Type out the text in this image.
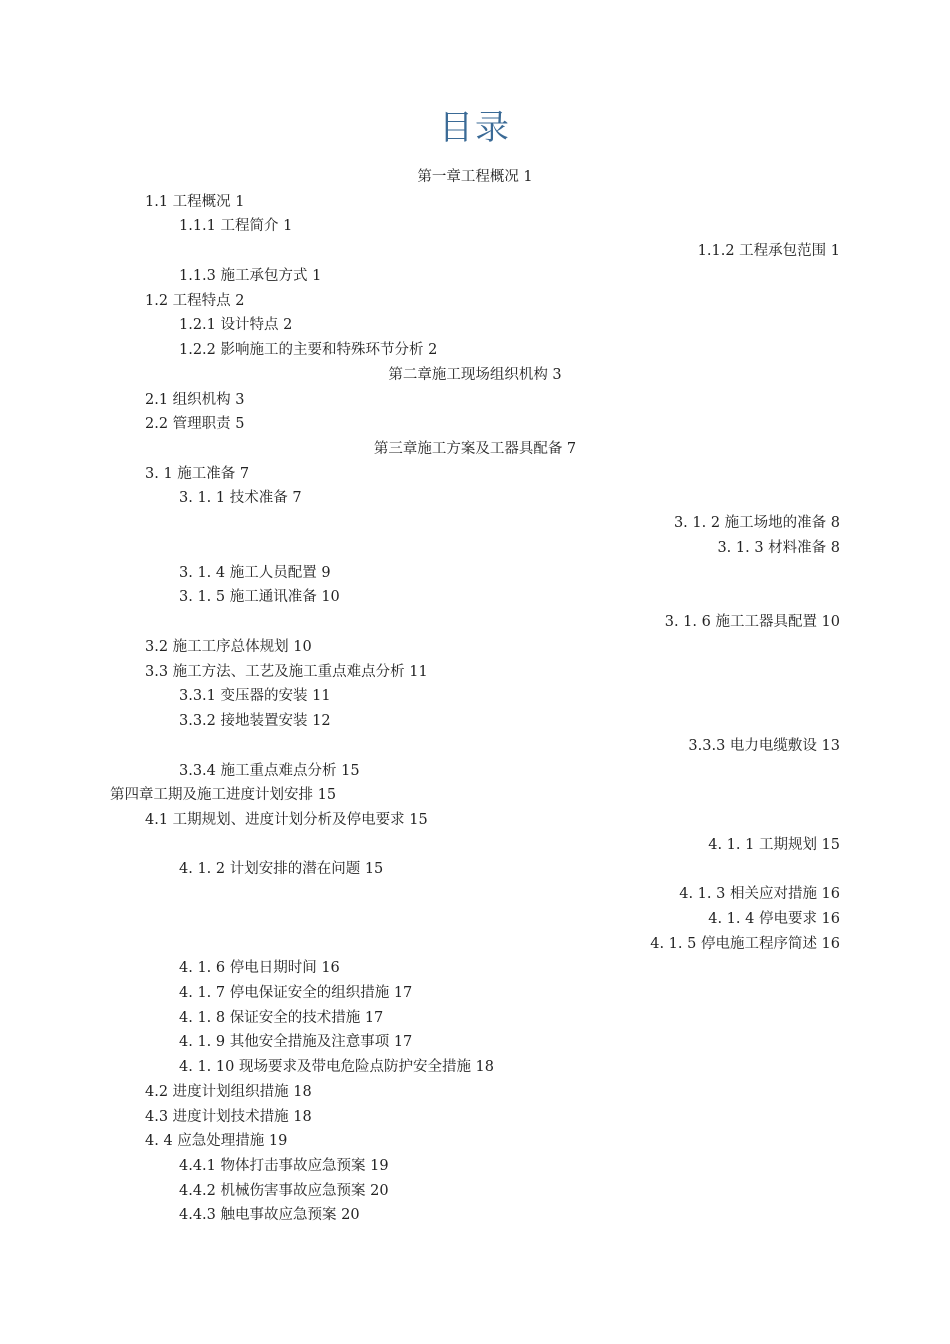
目录
第一章工程概况 1
1.1 工程概况 1
1.1.1 工程简介 1
1.1.2 工程承包范围 1
1.1.3 施工承包方式 1
1.2 工程特点 2
1.2.1 设计特点 2
1.2.2 影响施工的主要和特殊环节分析 2
第二章施工现场组织机构 3
2.1 组织机构 3
2.2 管理职责 5
第三章施工方案及工器具配备 7
3. 1 施工准备 7
3. 1. 1 技术准备 7
3. 1. 2 施工场地的准备 8
3. 1. 3 材料准备 8
3. 1. 4 施工人员配置 9
3. 1. 5 施工通讯准备 10
3. 1. 6 施工工器具配置 10
3.2 施工工序总体规划 10
3.3 施工方法、工艺及施工重点难点分析 11
3.3.1 变压器的安装 11
3.3.2 接地装置安装 12
3.3.3 电力电缆敷设 13
3.3.4 施工重点难点分析 15
第四章工期及施工进度计划安排 15
4.1 工期规划、进度计划分析及停电要求 15
4. 1. 1 工期规划 15
4. 1. 2 计划安排的潜在问题 15
4. 1. 3 相关应对措施 16
4. 1. 4 停电要求 16
4. 1. 5 停电施工程序简述 16
4. 1. 6 停电日期时间 16
4. 1. 7 停电保证安全的组织措施 17
4. 1. 8 保证安全的技术措施 17
4. 1. 9 其他安全措施及注意事项 17
4. 1. 10 现场要求及带电危险点防护安全措施 18
4.2 进度计划组织措施 18
4.3 进度计划技术措施 18
4. 4 应急处理措施 19
4.4.1 物体打击事故应急预案 19
4.4.2 机械伤害事故应急预案 20
4.4.3 触电事故应急预案 20
